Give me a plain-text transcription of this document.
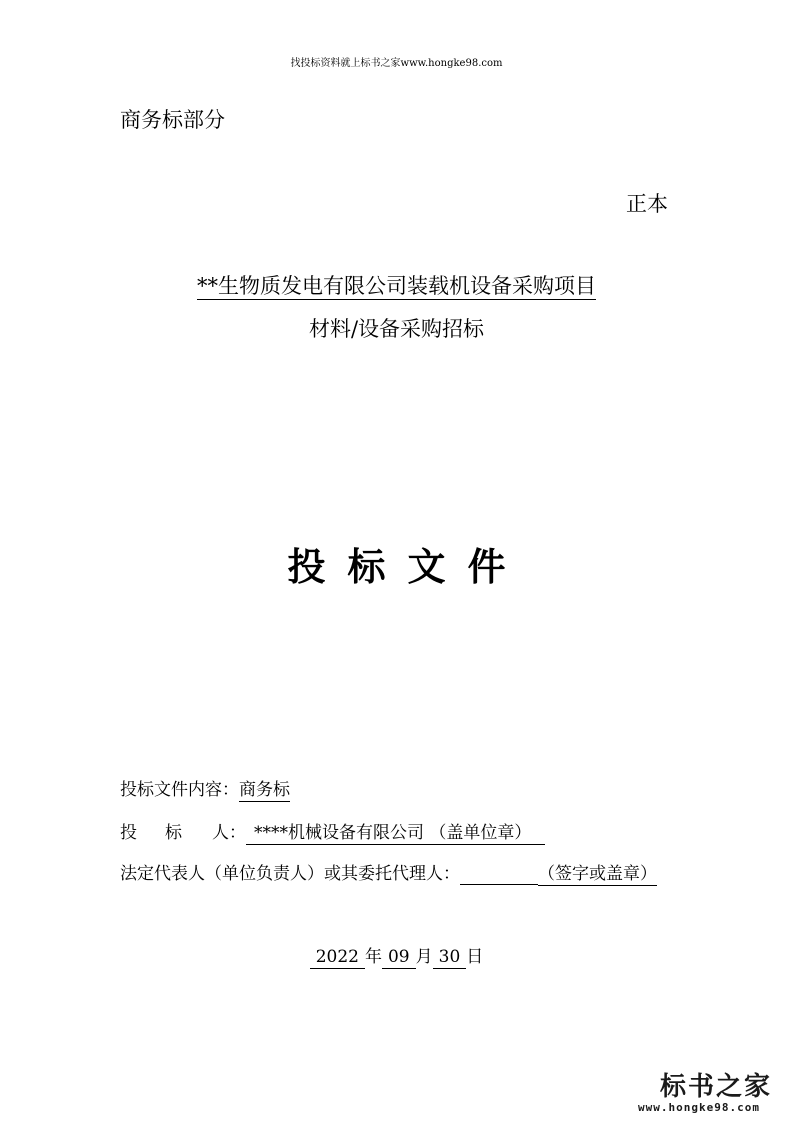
找投标资料就上标书之家www.hongke98.com
商务标部分
正本
**生物质发电有限公司装载机设备采购项目
材料/设备采购招标
投标文件
投标文件内容：商务标
投 标 人： ****机械设备有限公司 （盖单位章）
法定代表人（单位负责人）或其委托代理人：	（签字或盖章）
2022 年 09 月 30 日
标书之家
www.hongke98.com
